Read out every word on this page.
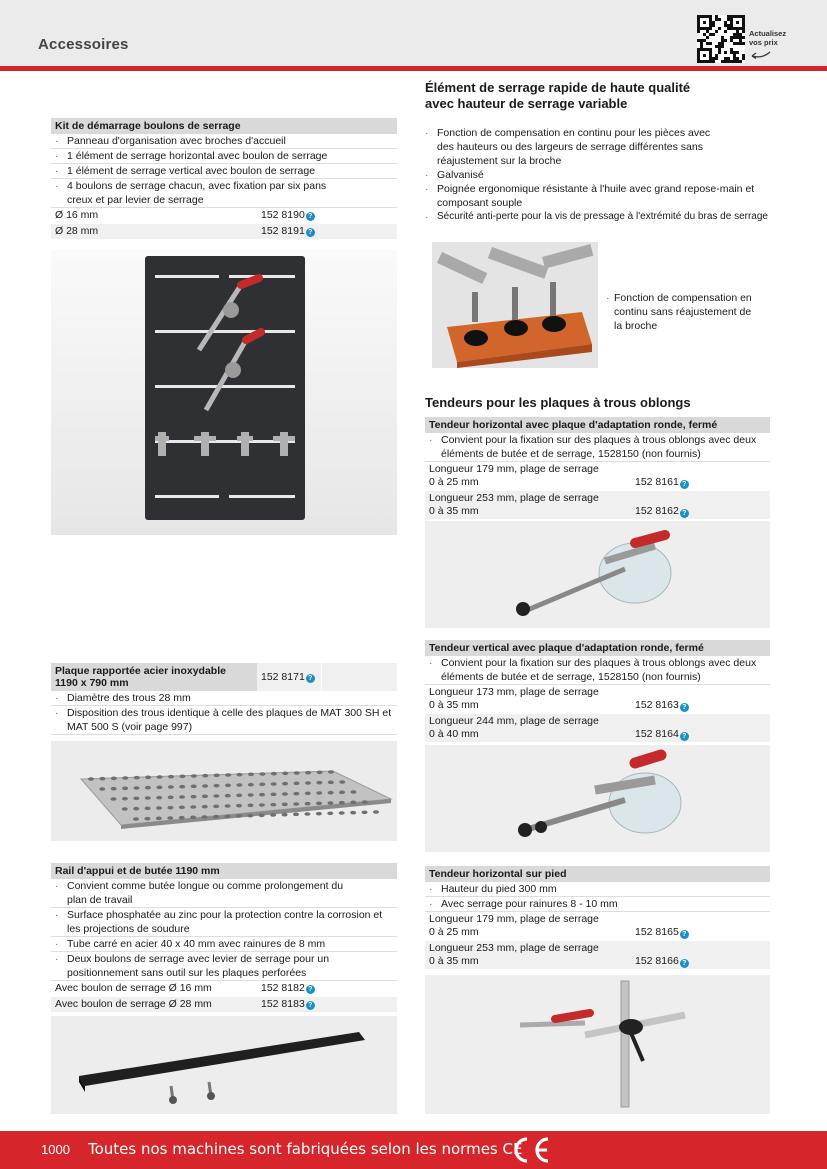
Accessoires
Actualisez
vos prix
Kit de démarrage boulons de serrage
· Panneau d'organisation avec broches d'accueil
· 1 élément de serrage horizontal avec boulon de serrage
· 1 élément de serrage vertical avec boulon de serrage
· 4 boulons de serrage chacun, avec fixation par six pans creux et par levier de serrage
Ø 16 mm	152 8190 ?
Ø 28 mm	152 8191 ?
Plaque rapportée acier inoxydable
1190 x 790 mm	152 8171 ?
· Diamètre des trous 28 mm
· Disposition des trous identique à celle des plaques de MAT 300 SH et MAT 500 S (voir page 997)
Rail d'appui et de butée 1190 mm
· Convient comme butée longue ou comme prolongement du plan de travail
· Surface phosphatée au zinc pour la protection contre la corrosion et les projections de soudure
· Tube carré en acier 40 x 40 mm avec rainures de 8 mm
· Deux boulons de serrage avec levier de serrage pour un positionnement sans outil sur les plaques perforées
Avec boulon de serrage Ø 16 mm	152 8182 ?
Avec boulon de serrage Ø 28 mm	152 8183 ?
Élément de serrage rapide de haute qualité
avec hauteur de serrage variable
· Fonction de compensation en continu pour les pièces avec des hauteurs ou des largeurs de serrage différentes sans réajustement sur la broche
· Galvanisé
· Poignée ergonomique résistante à l'huile avec grand repose-main et composant souple
· Sécurité anti-perte pour la vis de pressage à l'extrémité du bras de serrage
· Fonction de compensation en continu sans réajustement de la broche
Tendeurs pour les plaques à trous oblongs
Tendeur horizontal avec plaque d'adaptation ronde, fermé
· Convient pour la fixation sur des plaques à trous oblongs avec deux éléments de butée et de serrage, 1528150 (non fournis)
Longueur 179 mm, plage de serrage
0 à 25 mm	152 8161 ?
Longueur 253 mm, plage de serrage
0 à 35 mm	152 8162 ?
Tendeur vertical avec plaque d'adaptation ronde, fermé
· Convient pour la fixation sur des plaques à trous oblongs avec deux éléments de butée et de serrage, 1528150 (non fournis)
Longueur 173 mm, plage de serrage
0 à 35 mm	152 8163 ?
Longueur 244 mm, plage de serrage
0 à 40 mm	152 8164 ?
Tendeur horizontal sur pied
· Hauteur du pied 300 mm
· Avec serrage pour rainures 8 - 10 mm
Longueur 179 mm, plage de serrage
0 à 25 mm	152 8165 ?
Longueur 253 mm, plage de serrage
0 à 35 mm	152 8166 ?
1000 Toutes nos machines sont fabriquées selon les normes CE
